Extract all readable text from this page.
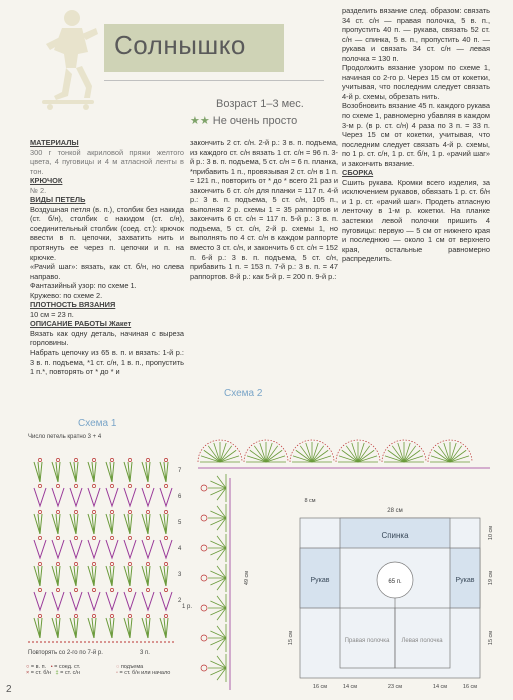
Солнышко
Возраст 1–3 мес.
★★ Не очень просто

МАТЕРИАЛЫ

300 г тонкой акриловой пряжи желтого цвета, 4 пуговицы и 4 м атласной ленты в тон.

КРЮЧОК

№ 2.

ВИДЫ ПЕТЕЛЬ

Воздушная петля (в. п.), столбик без накида (ст. б/н), столбик с накидом (ст. с/н), соединительный столбик (соед. ст.): крючок ввести в п. цепочки, захватить нить и протянуть ее через п. цепочки и п. на крючке.

«Рачий шаг»: вязать, как ст. б/н, но слева направо.

Фантазийный узор: по схеме 1.

Кружево: по схеме 2.

ПЛОТНОСТЬ ВЯЗАНИЯ

10 см = 23 п.

ОПИСАНИЕ РАБОТЫ Жакет

Вязать как одну деталь, начиная с выреза горловины.

Набрать цепочку из 65 в. п. и вязать: 1-й р.: 3 в. п. подъема, *1 ст. с/н, 1 в. п., пропустить 1 п.*, повторять от * до * и

закончить 2 ст. с/н. 2-й р.: 3 в. п. подъема, из каждого ст. с/н вязать 1 ст. с/н = 96 п. 3-й р.: 3 в. п. подъема, 5 ст. с/н = 6 п. планка, *прибавить 1 п., провязывая 2 ст. с/н в 1 п. = 121 п., повторить от * до * всего 21 раз и закончить 6 ст. с/н для планки = 117 п. 4-й р.: 3 в. п. подъема, 5 ст. с/н, 105 п., выполняя 2 р. схемы 1 = 35 раппортов и закончить 6 ст. с/н = 117 п. 5-й р.: 3 в. п. подъема, 5 ст. с/н, 2-й р. схемы 1, но выполнять по 4 ст. с/н в каждом раппорте вместо 3 ст. с/н, и закончить 6 ст. с/н = 152 п. 6-й р.: 3 в. п. подъема, 5 ст. с/н, прибавить 1 п. = 153 п. 7-й р.: 3 в. п. = 47 раппортов. 8-й р.: как 5-й р. = 200 п. 9-й р.:

разделить вязание след. образом: связать 34 ст. с/н — правая полочка, 5 в. п., пропустить 40 п. — рукава, связать 52 ст. с/н — спинка, 5 в. п., пропустить 40 п. — рукава и связать 34 ст. с/н — левая полочка = 130 п.

Продолжить вязание узором по схеме 1, начиная со 2-го р. Через 15 см от кокетки, учитывая, что последним следует связать 4-й р. схемы, обрезать нить.

Возобновить вязание 45 п. каждого рукава по схеме 1, равномерно убавляя в каждом 3-м р. (в р. ст. с/н) 4 раза по 3 п. = 33 п. Через 15 см от кокетки, учитывая, что последним следует связать 4-й р. схемы, по 1 р. ст. с/н, 1 р. ст. б/н, 1 р. «рачий шаг» и закончить вязание.

СБОРКА

Сшить рукава. Кромки всего изделия, за исключением рукавов, обвязать 1 р. ст. б/н и 1 р. ст. «рачий шаг». Продеть атласную ленточку в 1-м р. кокетки. На планке застежки левой полочки пришить 4 пуговицы: первую — 5 см от нижнего края и последнюю — около 1 см от верхнего края, остальные равномерно распределить.

Схема 1
Число петель кратно 3 + 4
7
6
5
4
3
2
Повторять со 2-го по 7-й р.	3 п.
1 р.
○ = в. п. • = соед. ст.
× = ст. б/н ‡ = ст. с/н
◌ подъема
◦ = ст. б/н или начало
Схема 2
Спинка
Рукав	Рукав
65 п.
Правая полочка Левая полочка
28 см
16 см	14 см	23 см	14 см	16 см
10 см
19 см
15 см
49 см
15 см
8 см
2
